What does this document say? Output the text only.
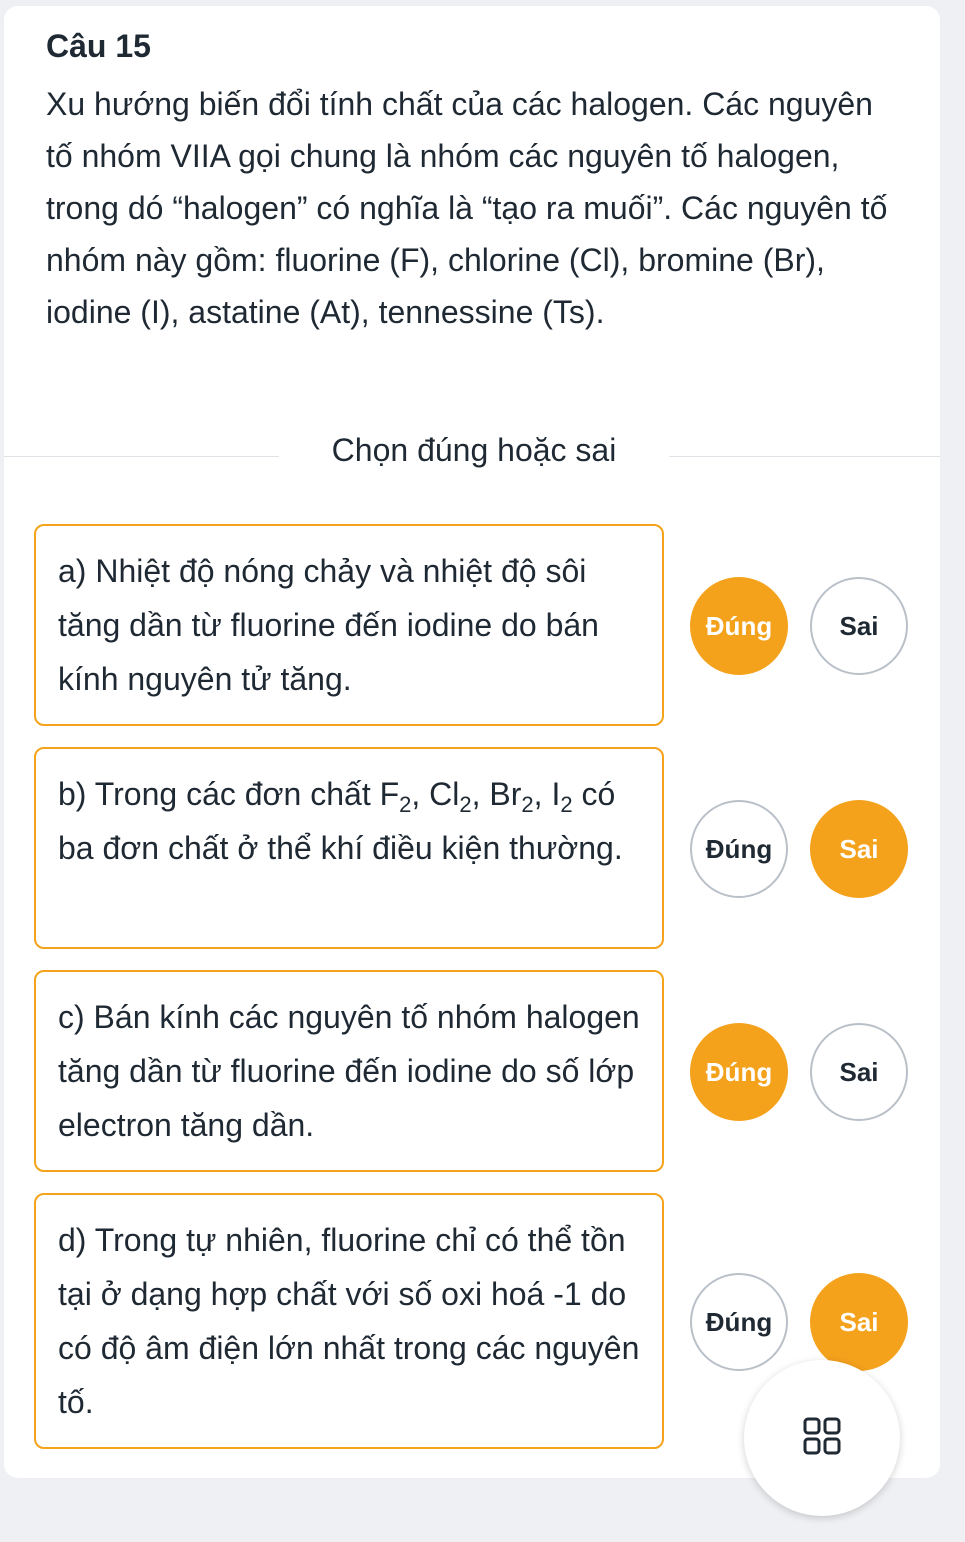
Câu 15
Xu hướng biến đổi tính chất của các halogen. Các nguyên tố nhóm VIIA gọi chung là nhóm các nguyên tố halogen, trong dó “halogen” có nghĩa là “tạo ra muối”. Các nguyên tố nhóm này gồm: fluorine (F), chlorine (Cl), bromine (Br), iodine (I), astatine (At), tennessine (Ts).
Chọn đúng hoặc sai
a) Nhiệt độ nóng chảy và nhiệt độ sôi tăng dần từ fluorine đến iodine do bán kính nguyên tử tăng.
Đúng	Sai
b) Trong các đơn chất $F_2$, $Cl_2$, $Br_2$, $I_2$ có ba đơn chất ở thể khí điều kiện thường.	Đúng	Sai
c) Bán kính các nguyên tố nhóm halogen tăng dần từ fluorine đến iodine do số lớp electron tăng dần.
Đúng	Sai
d) Trong tự nhiên, fluorine chỉ có thể tồn tại ở dạng hợp chất với số oxi hoá -1 do có độ âm điện lớn nhất trong các nguyên tố.
Đúng	Sai
